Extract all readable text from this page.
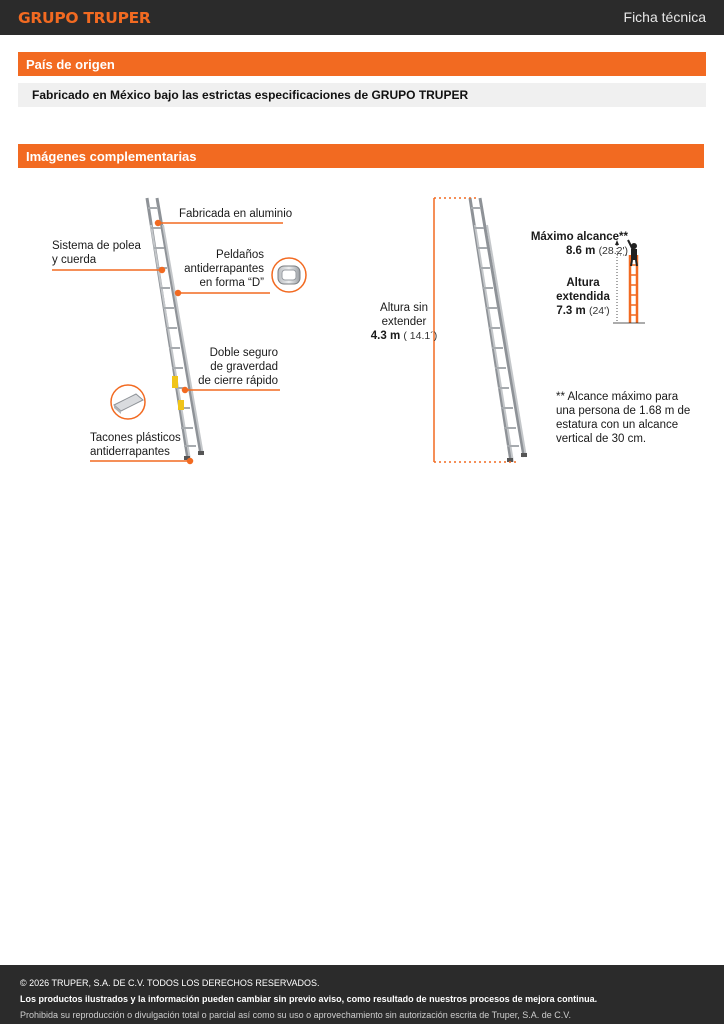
GRUPO TRUPER	Ficha técnica
País de origen
Fabricado en México bajo las estrictas especificaciones de GRUPO TRUPER
Imágenes complementarias
Fabricada en aluminio
Sistema de polea
y cuerda	Peldaños
antiderrapantes
en forma “D”
Doble seguro
de graverdad
de cierre rápido
Tacones plásticos
antiderrapantes
Altura sin
extender
4.3 m ( 14.1´)
Máximo alcance**
8.6 m (28.2')
Altura
extendida
7.3 m (24')
** Alcance máximo para
una persona de 1.68 m de
estatura con un alcance
vertical de 30 cm.
© 2026 TRUPER, S.A. DE C.V. TODOS LOS DERECHOS RESERVADOS.
Los productos ilustrados y la información pueden cambiar sin previo aviso, como resultado de nuestros procesos de mejora continua.
Prohibida su reproducción o divulgación total o parcial así como su uso o aprovechamiento sin autorización escrita de Truper, S.A. de C.V.
